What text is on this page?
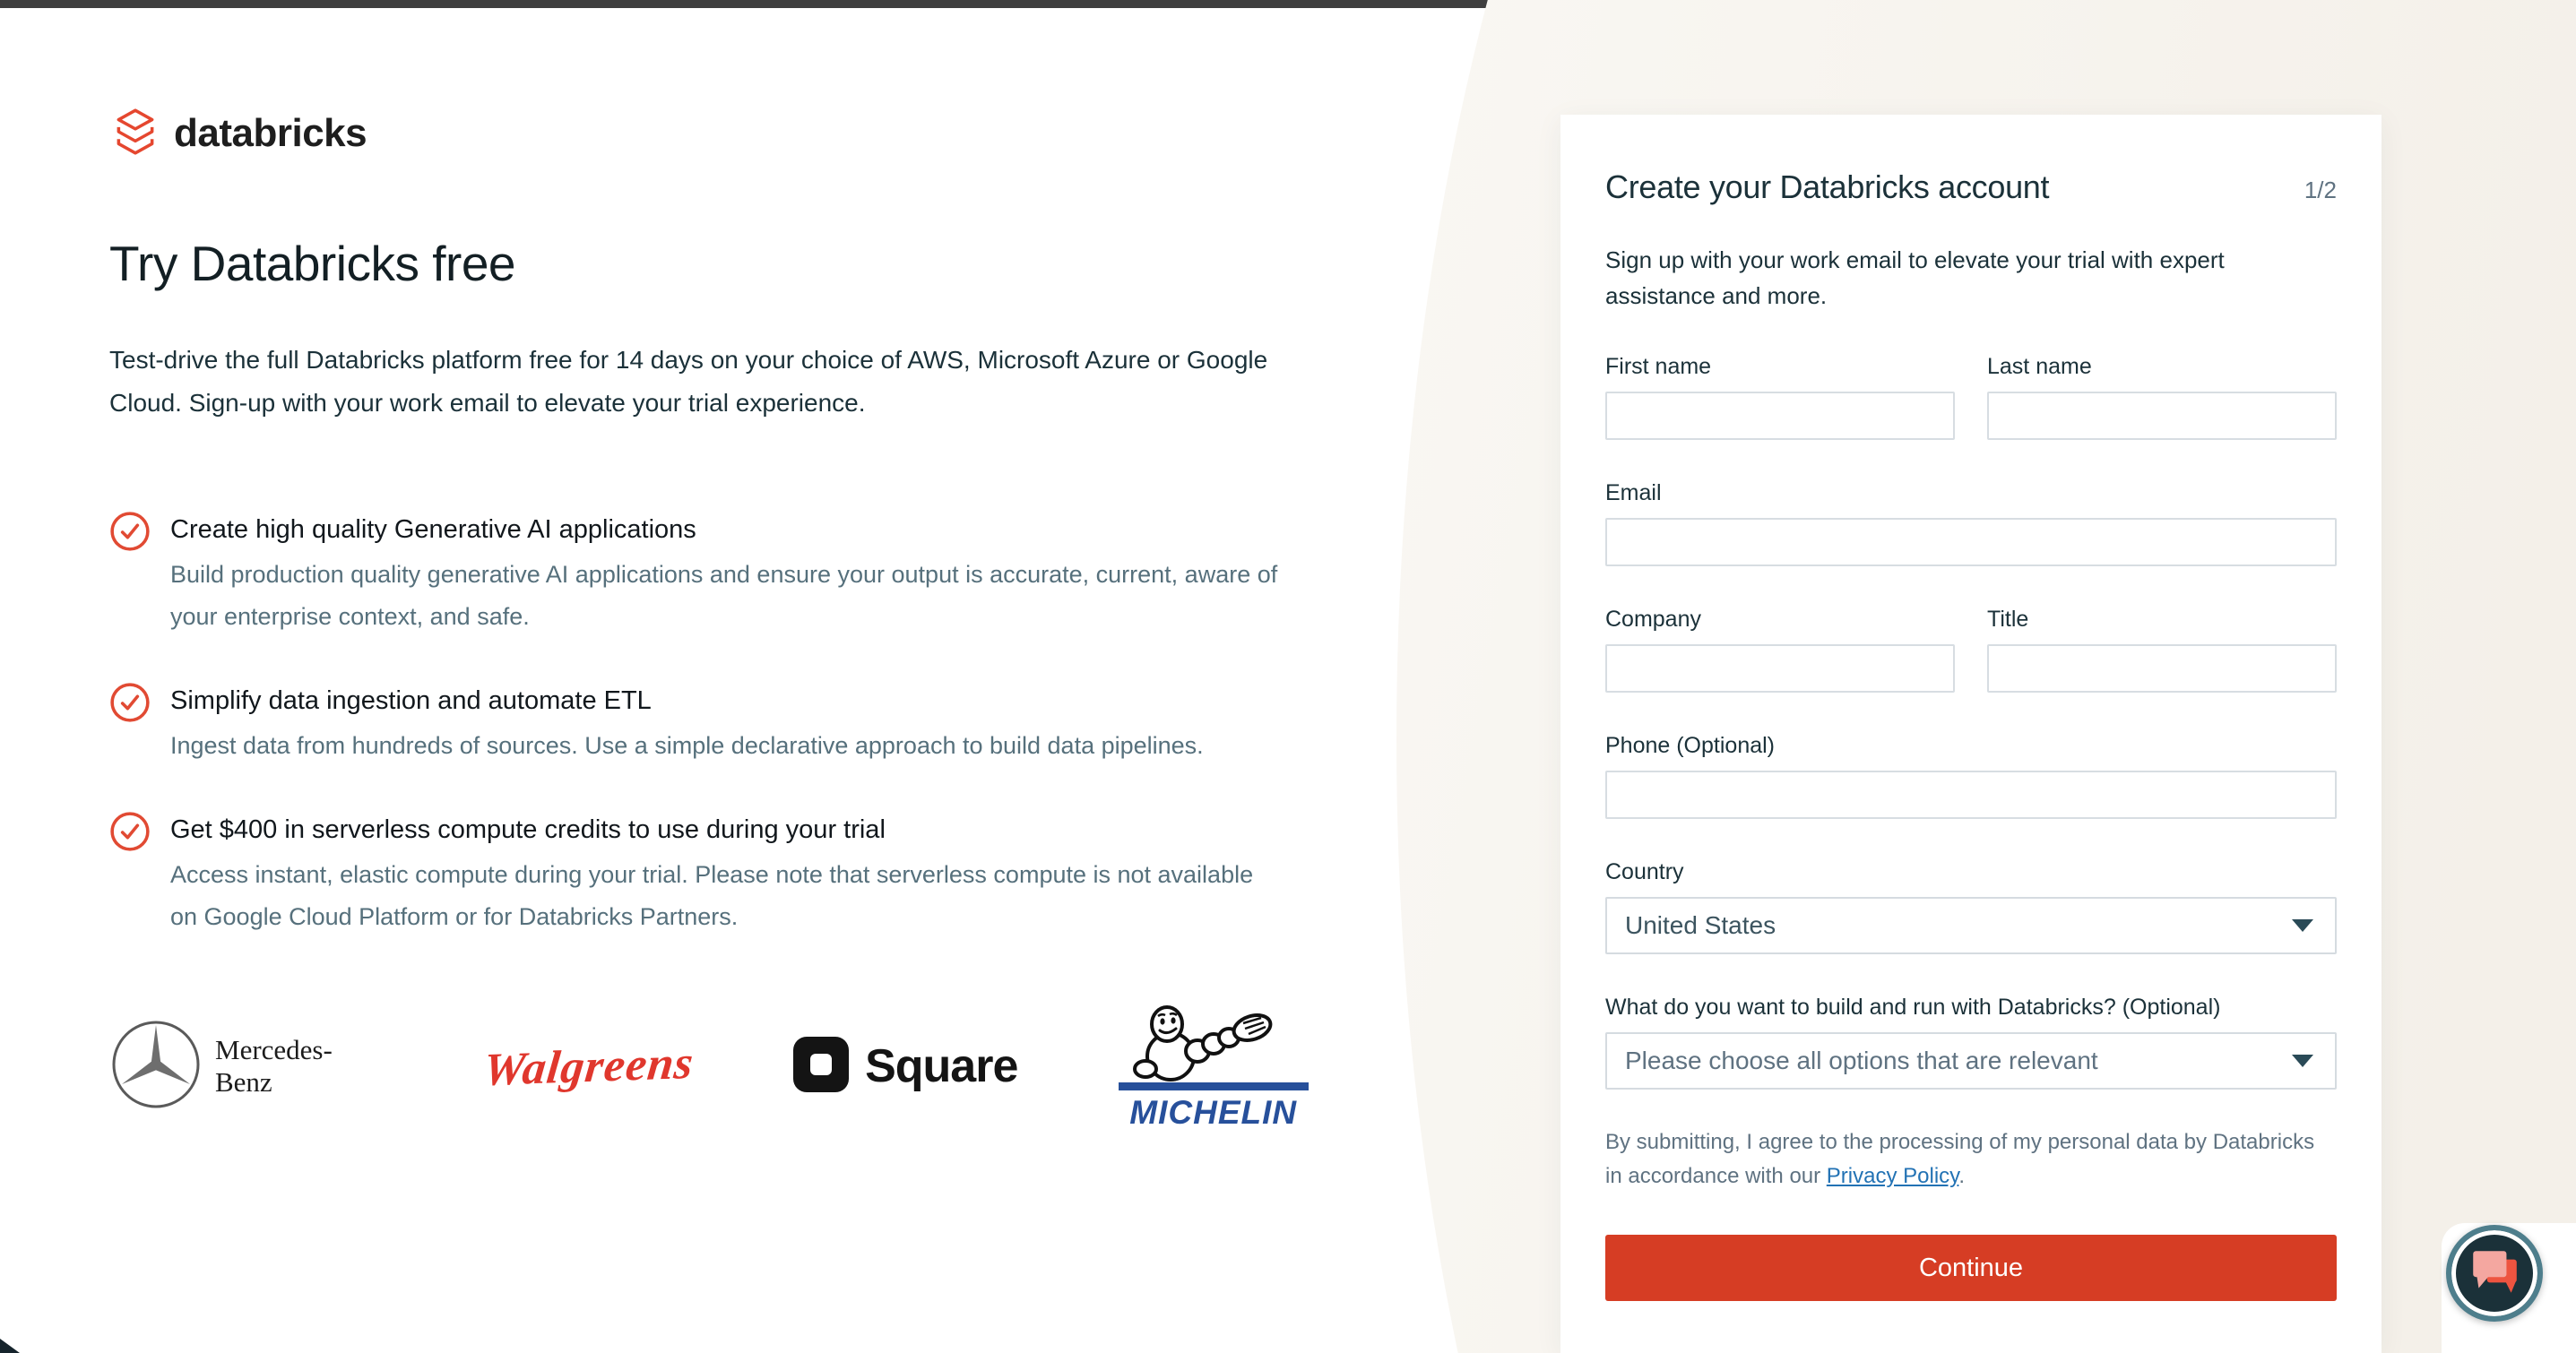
databricks
Try Databricks free
Test-drive the full Databricks platform free for 14 days on your choice of AWS, Microsoft Azure or Google Cloud. Sign-up with your work email to elevate your trial experience.
Create high quality Generative AI applications
Build production quality generative AI applications and ensure your output is accurate, current, aware of your enterprise context, and safe.
Simplify data ingestion and automate ETL
Ingest data from hundreds of sources. Use a simple declarative approach to build data pipelines.
Get $400 in serverless compute credits to use during your trial
Access instant, elastic compute during your trial. Please note that serverless compute is not available on Google Cloud Platform or for Databricks Partners.
Mercedes-Benz	Walgreens	Square
MICHELIN
Create your Databricks account	1/2
Sign up with your work email to elevate your trial with expert assistance and more.
First name	Last name
Email
Company	Title
Phone (Optional)
Country
United States
What do you want to build and run with Databricks? (Optional)
Please choose all options that are relevant
By submitting, I agree to the processing of my personal data by Databricks in accordance with our Privacy Policy.
Continue
